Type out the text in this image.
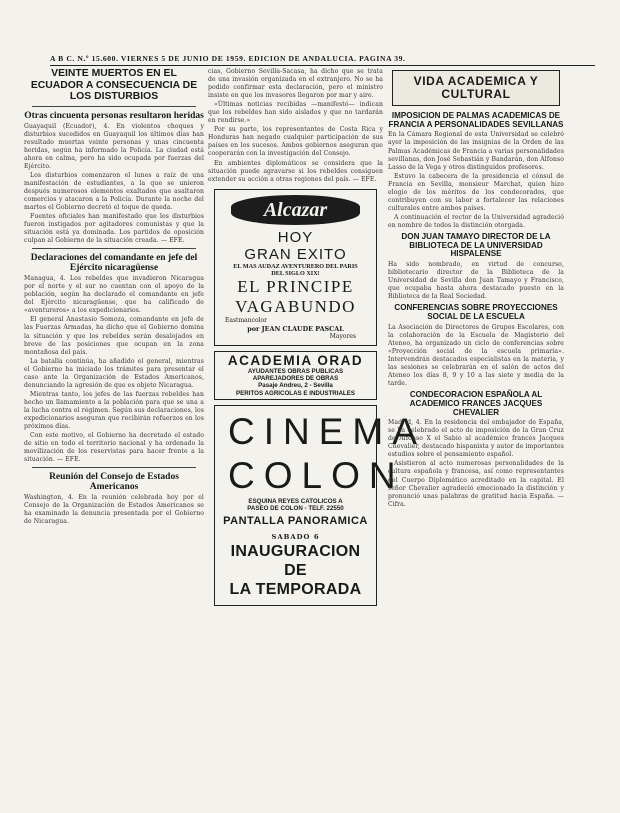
A B C. N.º 15.600. VIERNES 5 DE JUNIO DE 1959. EDICION DE ANDALUCIA. PAGINA 39.
VEINTE MUERTOS EN EL ECUADOR A CONSECUENCIA DE LOS DISTURBIOS
Otras cincuenta personas resultaron heridas

Guayaquil (Ecuador), 4. En violentos choques y disturbios sucedidos en Guayaquil los últimos días han resultado muertas veinte personas y unas cincuenta heridas, según ha informado la Policía. La ciudad está ahora en calma, pero ha sido ocupada por fuerzas del Ejército.

Los disturbios comenzaron el lunes a raíz de una manifestación de estudiantes, a la que se unieron después numerosos elementos exaltados que asaltaron comercios y atacaron a la Policía. Durante la noche del martes el Gobierno decretó el toque de queda.

Fuentes oficiales han manifestado que los disturbios fueron instigados por agitadores comunistas y que la situación está ya dominada. Los partidos de oposición culpan al Gobierno de la situación creada. — EFE.

Declaraciones del comandante en jefe del Ejército nicaragüense

Managua, 4. Los rebeldes que invadieron Nicaragua por el norte y el sur no cuentan con el apoyo de la población, según ha declarado el comandante en jefe del Ejército nicaragüense, que ha calificado de «aventureros» a los expedicionarios.

El general Anastasio Somoza, comandante en jefe de las Fuerzas Armadas, ha dicho que el Gobierno domina la situación y que los rebeldes serán desalojados en breve de las posiciones que ocupan en la zona montañosa del país.

La batalla continúa, ha añadido el general, mientras el Gobierno ha iniciado los trámites para presentar el caso ante la Organización de Estados Americanos, denunciando la agresión de que es objeto Nicaragua.

Mientras tanto, los jefes de las fuerzas rebeldes han hecho un llamamiento a la población para que se una a la lucha contra el régimen. Según sus declaraciones, los expedicionarios aseguran que recibirán refuerzos en los próximos días.

Con este motivo, el Gobierno ha decretado el estado de sitio en todo el territorio nacional y ha ordenado la movilización de los reservistas para hacer frente a la situación. — EFE.

Reunión del Consejo de Estados Americanos

Washington, 4. En la reunión celebrada hoy por el Consejo de la Organización de Estados Americanos se ha examinado la denuncia presentada por el Gobierno de Nicaragua.

cias, Gobierno Sevilla-Sacasa, ha dicho que se trata de una invasión organizada en el extranjero. No se ha podido confirmar esta declaración, pero el ministro insiste en que los invasores llegaron por mar y aire.

«Últimas noticias recibidas —manifestó— indican que los rebeldes han sido aislados y que no tardarán en rendirse.»

Por su parte, los representantes de Costa Rica y Honduras han negado cualquier participación de sus países en los sucesos. Ambos gobiernos aseguran que cooperarán con la investigación del Consejo.

En ambientes diplomáticos se considera que la situación puede agravarse si los rebeldes consiguen extender su acción a otras regiones del país. — EFE.

Alcazar
HOY
GRAN EXITO
EL MAS AUDAZ AVENTURERO DEL PARIS
DEL SIGLO XIX!
EL PRINCIPE
VAGABUNDO
Eastmancolor
por JEAN CLAUDE PASCAL
Mayores
ACADEMIA ORAD
AYUDANTES OBRAS PUBLICAS
APAREJADORES DE OBRAS
Pasaje Andreu, 2 - Sevilla
PERITOS AGRICOLAS E INDUSTRIALES
CINEMA
COLON
ESQUINA REYES CATOLICOS A
PASEO DE COLON - TELF. 22550
PANTALLA PANORAMICA
SABADO 6
INAUGURACION DE
LA TEMPORADA
VIDA ACADEMICA Y CULTURAL
IMPOSICION DE PALMAS ACADEMICAS DE FRANCIA A PERSONALIDADES SEVILLANAS

En la Cámara Regional de esta Universidad se celebró ayer la imposición de las insignias de la Orden de las Palmas Académicas de Francia a varias personalidades sevillanas, don José Sebastián y Bandarán, don Alfonso Lasso de la Vega y otros distinguidos profesores.

Estuvo la cabecera de la presidencia el cónsul de Francia en Sevilla, monsieur Marchat, quien hizo elogio de los méritos de los condecorados, que contribuyen con su labor a fortalecer las relaciones culturales entre ambos países.

A continuación el rector de la Universidad agradeció en nombre de todos la distinción otorgada.

DON JUAN TAMAYO DIRECTOR DE LA BIBLIOTECA DE LA UNIVERSIDAD HISPALENSE

Ha sido nombrado, en virtud de concurso, bibliotecario director de la Biblioteca de la Universidad de Sevilla don Juan Tamayo y Francisco, que ocupaba hasta ahora destacado puesto en la Biblioteca de la Real Sociedad.

CONFERENCIAS SOBRE PROYECCIONES SOCIAL DE LA ESCUELA

La Asociación de Directores de Grupos Escolares, con la colaboración de la Escuela de Magisterio del Ateneo, ha organizado un ciclo de conferencias sobre «Proyección social de la escuela primaria». Intervendrán destacados especialistas en la materia, y las sesiones se celebrarán en el salón de actos del Ateneo los días 8, 9 y 10 a las siete y media de la tarde.

CONDECORACION ESPAÑOLA AL ACADEMICO FRANCES JACQUES CHEVALIER

Madrid, 4. En la residencia del embajador de España, se ha celebrado el acto de imposición de la Gran Cruz de Alfonso X el Sabio al académico francés Jacques Chevalier, destacado hispanista y autor de importantes estudios sobre el pensamiento español.

Asistieron al acto numerosas personalidades de la cultura española y francesa, así como representantes del Cuerpo Diplomático acreditado en la capital. El señor Chevalier agradeció emocionado la distinción y pronunció unas palabras de gratitud hacia España. — Cifra.
